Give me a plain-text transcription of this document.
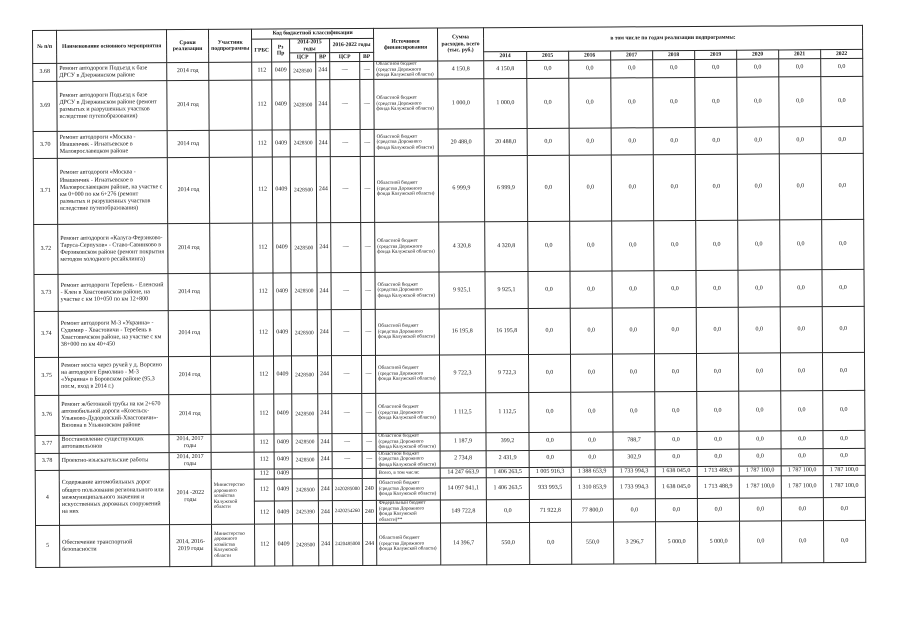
№ п/п	Наименование основного мероприятия	Сроки реализации	Участник подпрограммы	Код бюджетной классификации						Источники финансирования	Сумма расходов, всего (тыс. руб.)	в том числе по годам реализации подпрограммы:								
				ГРБС	Рз Пр	2014-2015 годы		2016-2022 годы												
						ЦСР	ВР	ЦСР	ВР			2014	2015	2016	2017	2018	2019	2020	2021	2022
3.68	Ремонт автодороги Подъезд к базе ДРСУ в Дзержинском районе	2014 год		112	0409	2428500	244	—	—	Областной бюджет (средства Дорожного фонда Калужской области)	4 150,8	4 150,8	0,0	0,0	0,0	0,0	0,0	0,0	0,0	0,0
3.69	Ремонт автодороги Подъезд к базе ДРСУ в Дзержинском районе (ремонт размытых и разрушенных участков вследствие путепобразования)	2014 год		112	0409	2428500	244	—	—	Областной бюджет (средства Дорожного фонда Калужской области)	1 000,0	1 000,0	0,0	0,0	0,0	0,0	0,0	0,0	0,0	0,0
3.70	Ремонт автодороги «Москва - Ивашенчик - Игнатьевское в Малоярославецком районе	2014 год		112	0409	2428500	244	—	—	Областной бюджет (средства Дорожного фонда Калужской области)	20 488,0	20 488,0	0,0	0,0	0,0	0,0	0,0	0,0	0,0	0,0
3.71	Ремонт автодороги «Москва - Ивашенчик - Игнатьевское в Малоярославецком районе, на участке с км 0+000 по км 6+276 (ремонт размытых и разрушенных участков вследствие путепобразования)	2014 год		112	0409	2428500	244	—	—	Областной бюджет (средства Дорожного фонда Калужской области)	6 999,9	6 999,9	0,0	0,0	0,0	0,0	0,0	0,0	0,0	0,0
3.72	Ремонт автодороги «Калуга-Ферзиково-Таруса-Серпухов» - Ставо-Савинково в Ферзиковском районе (ремонт покрытия методом холодного ресайклинга)	2014 год		112	0409	2428500	244	—	—	Областной бюджет (средства Дорожного фонда Калужской области)	4 320,8	4 320,8	0,0	0,0	0,0	0,0	0,0	0,0	0,0	0,0
3.73	Ремонт автодороги Теребень - Еленский - Клен в Хвастовичском районе, на участке с км 10+050 по км 12+800	2014 год		112	0409	2428500	244	—	—	Областной бюджет (средства Дорожного фонда Калужской области)	9 925,1	9 925,1	0,0	0,0	0,0	0,0	0,0	0,0	0,0	0,0
3.74	Ремонт автодороги М-3 «Украина» - Судимир - Хвастовичи - Теребень в Хвастовичском районе, на участке с км 38+000 по км 40+450	2014 год		112	0409	2428500	244	—	—	Областной бюджет (средства Дорожного фонда Калужской области)	16 195,8	16 195,8	0,0	0,0	0,0	0,0	0,0	0,0	0,0	0,0
3.75	Ремонт моста через ручей у д. Ворсино на автодороге Ермолино - М-3 «Украина» в Боровском районе (95,3 пог.м, вход в 2014 г.)	2014 год		112	0409	2428500	244	—	—	Областной бюджет (средства Дорожного фонда Калужской области)	9 722,3	9 722,3	0,0	0,0	0,0	0,0	0,0	0,0	0,0	0,0
3.76	Ремонт ж/бетонной трубы на км 2+670 автомобильной дороги «Козельск-Ульяново-Дудоровский-Хвастовичи»-Вязовна в Ульяновском районе	2014 год		112	0409	2428500	244	—	—	Областной бюджет (средства Дорожного фонда Калужской области)	1 112,5	1 112,5	0,0	0,0	0,0	0,0	0,0	0,0	0,0	0,0
3.77	Восстановление существующих автопавильонов	2014, 2017 годы		112	0409	2428500	244	—	—	Областной бюджет (средства Дорожного фонда Калужской области)	1 187,9	399,2	0,0	0,0	788,7	0,0	0,0	0,0	0,0	0,0
3.78	Проектно-изыскательские работы	2014, 2017 годы		112	0409	2428500	244	—	—	Областной бюджет (средства Дорожного фонда Калужской области)	2 734,8	2 431,9	0,0	0,0	302,9	0,0	0,0	0,0	0,0	0,0
4	Содержание автомобильных дорог общего пользования регионального или межмуниципального значения и искусственных дорожных сооружений на них	2014 -2022 годы	Министерство дорожного хозяйства Калужской области	112	0409					Всего, в том числе:	14 247 663,9	1 406 263,5	1 005 916,3	1 388 653,9	1 733 994,3	1 638 045,0	1 713 488,9	1 787 100,0	1 787 100,0	1 787 100,0
				112	0409	2428500	244	2420285000	240	Областной бюджет (средства Дорожного фонда Калужской области)	14 097 941,1	1 406 263,5	933 993,5	1 310 853,9	1 733 994,3	1 638 045,0	1 713 488,9	1 787 100,0	1 787 100,0	1 787 100,0
				112	0409	2425390	244	2420254260	240	Федеральный бюджет (средства Дорожного фонда Калужской области)**	149 722,8	0,0	71 922,8	77 800,0	0,0	0,0	0,0	0,0	0,0	0,0
5	Обеспечение транспортной безопасности	2014, 2016-2019 годы	Министерство дорожного хозяйства Калужской области	112	0409	2428500	244	2420485000	244	Областной бюджет (средства Дорожного фонда Калужской области)	14 396,7	550,0	0,0	550,0	3 296,7	5 000,0	5 000,0	0,0	0,0	0,0
